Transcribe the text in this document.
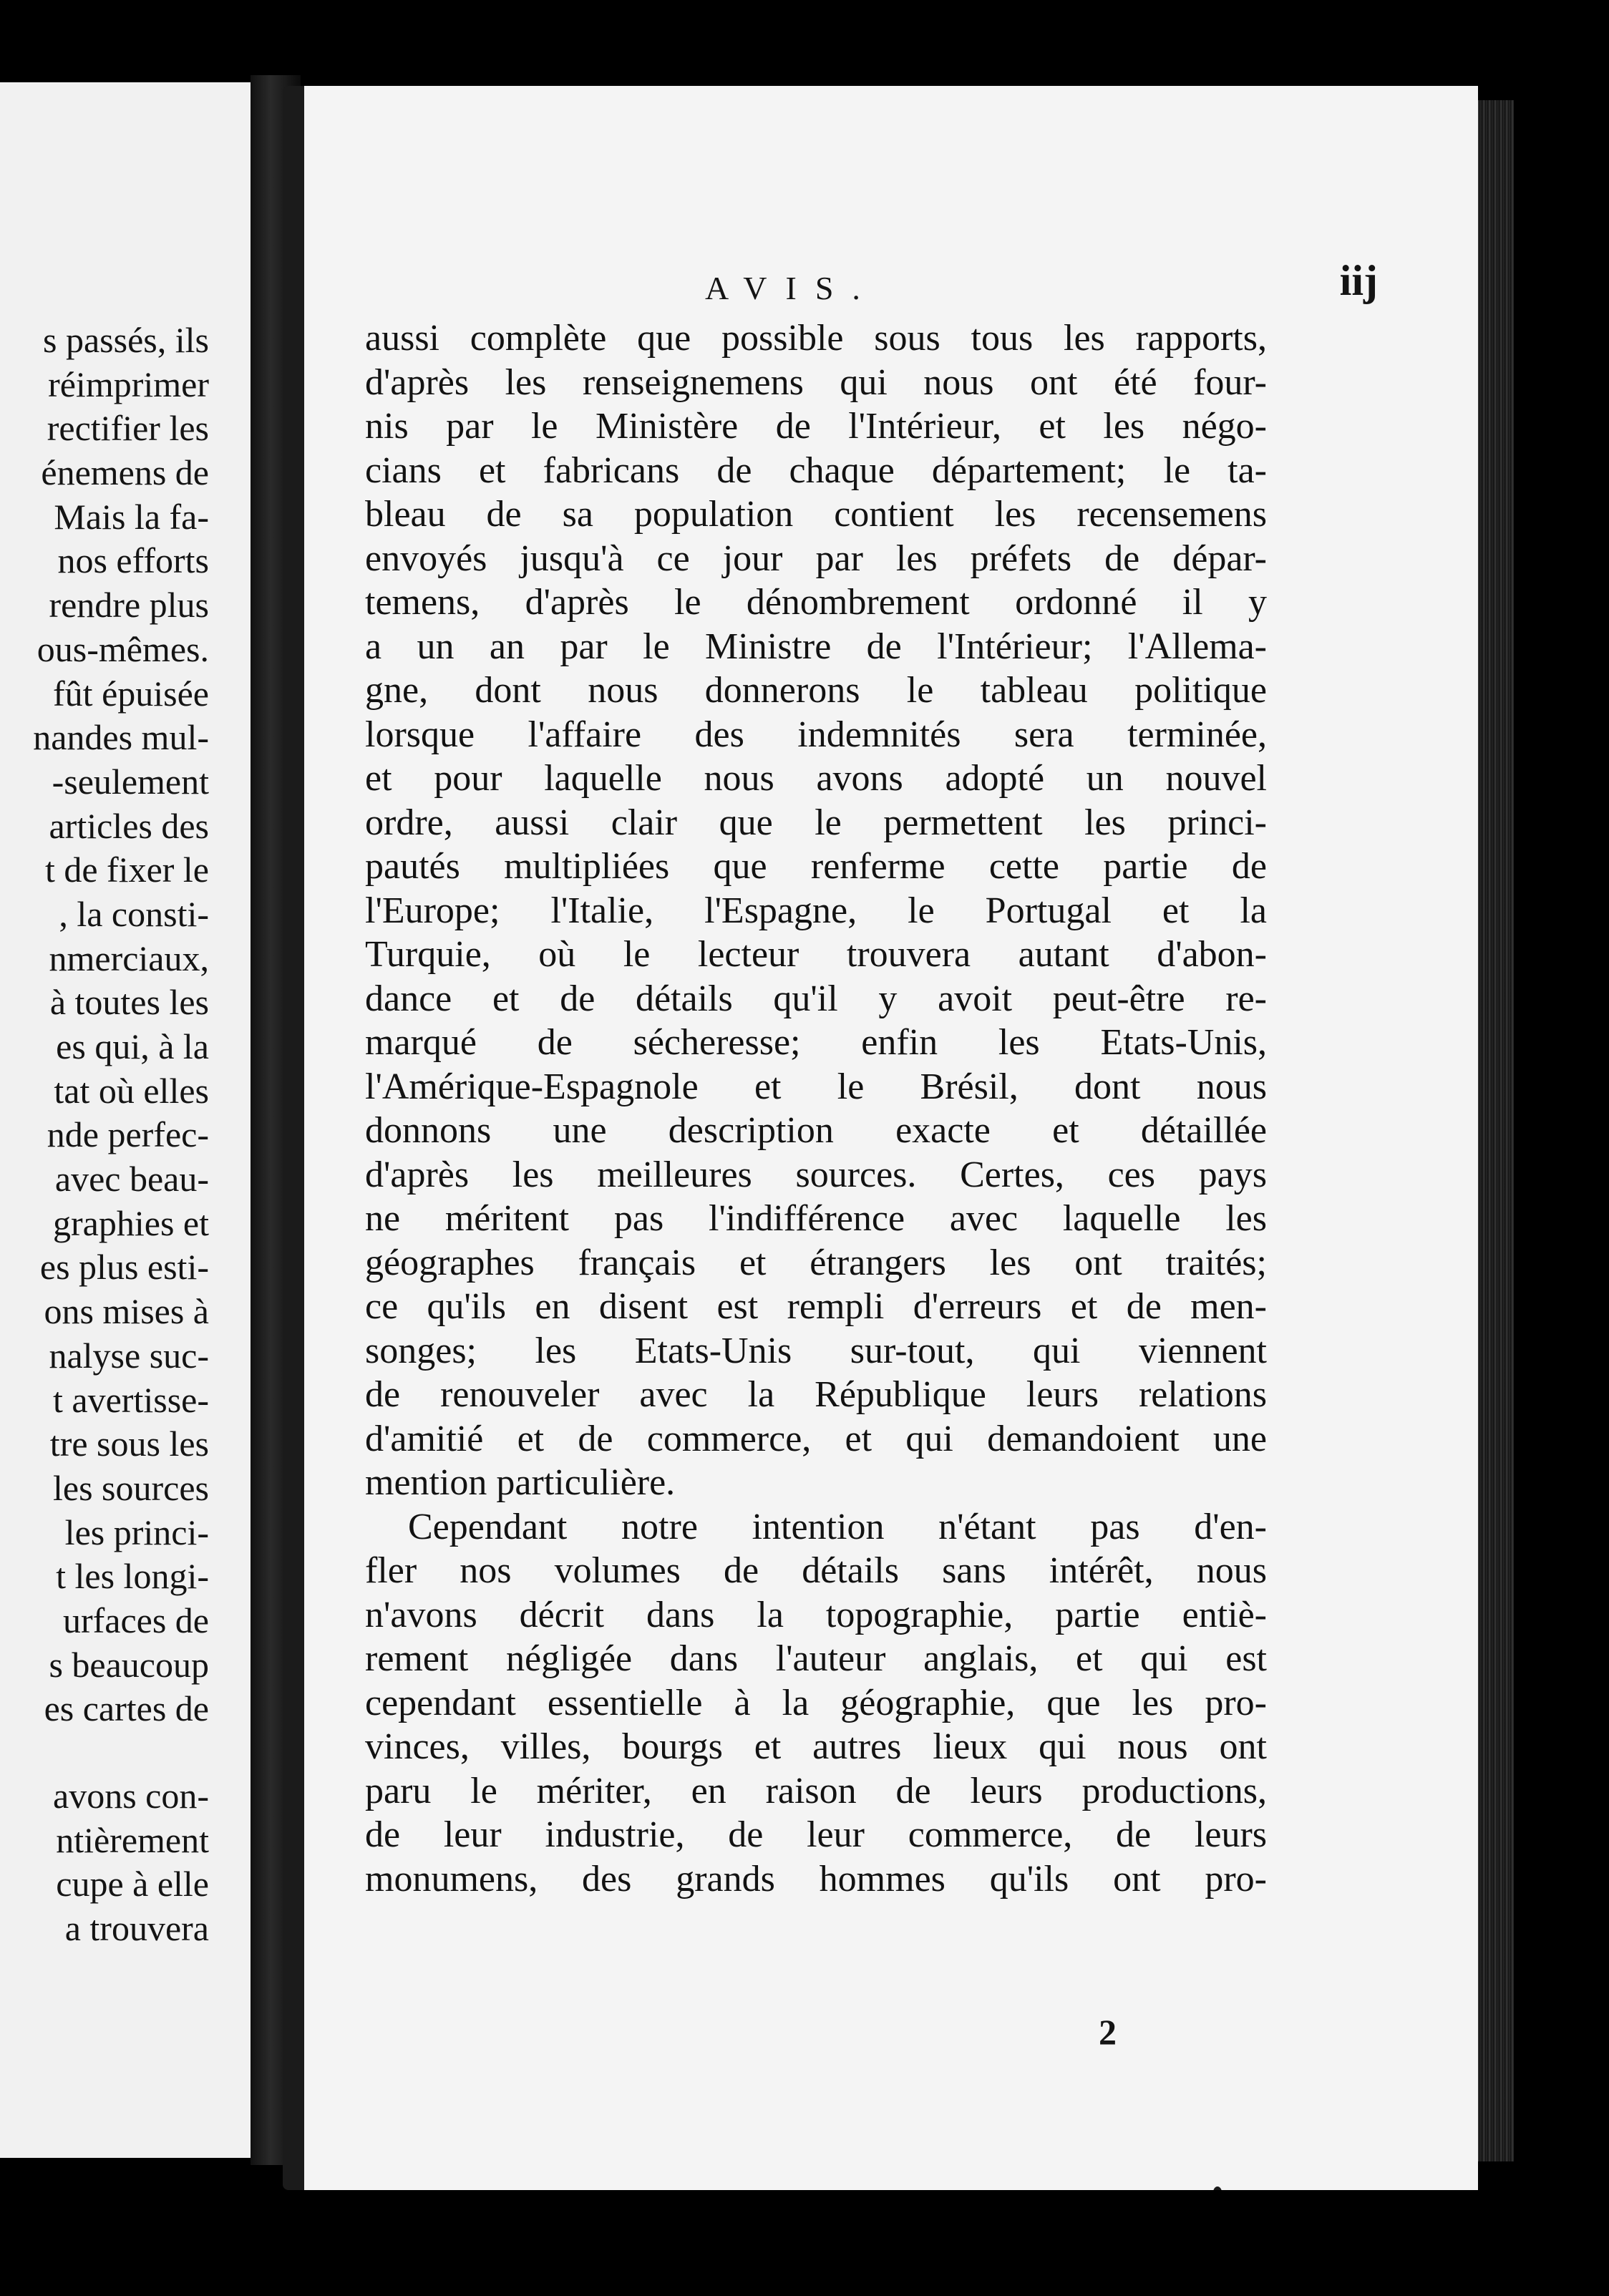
s passés, ils
réimprimer
rectifier les
énemens de
Mais la fa-
nos efforts
rendre plus
ous-mêmes.
fût épuisée
nandes mul-
-seulement
articles des
t de fixer le
, la consti-
nmerciaux,
à toutes les
es qui, à la
tat où elles
nde perfec-
avec beau-
graphies et
es plus esti-
ons mises à
nalyse suc-
t avertisse-
tre sous les
les sources
les princi-
t les longi-
urfaces de
s beaucoup
es cartes de
avons con-
ntièrement
cupe à elle
a trouvera
AVIS.	iij
aussi complète que possible sous tous les rapports,
d'après les renseignemens qui nous ont été four-
nis par le Ministère de l'Intérieur, et les négo-
cians et fabricans de chaque département; le ta-
bleau de sa population contient les recensemens
envoyés jusqu'à ce jour par les préfets de dépar-
temens, d'après le dénombrement ordonné il y
a un an par le Ministre de l'Intérieur; l'Allema-
gne, dont nous donnerons le tableau politique
lorsque l'affaire des indemnités sera terminée,
et pour laquelle nous avons adopté un nouvel
ordre, aussi clair que le permettent les princi-
pautés multipliées que renferme cette partie de
l'Europe; l'Italie, l'Espagne, le Portugal et la
Turquie, où le lecteur trouvera autant d'abon-
dance et de détails qu'il y avoit peut-être re-
marqué de sécheresse; enfin les Etats-Unis,
l'Amérique-Espagnole et le Brésil, dont nous
donnons une description exacte et détaillée
d'après les meilleures sources. Certes, ces pays
ne méritent pas l'indifférence avec laquelle les
géographes français et étrangers les ont traités;
ce qu'ils en disent est rempli d'erreurs et de men-
songes; les Etats-Unis sur-tout, qui viennent
de renouveler avec la République leurs relations
d'amitié et de commerce, et qui demandoient une
mention particulière.
Cependant notre intention n'étant pas d'en-
fler nos volumes de détails sans intérêt, nous
n'avons décrit dans la topographie, partie entiè-
rement négligée dans l'auteur anglais, et qui est
cependant essentielle à la géographie, que les pro-
vinces, villes, bourgs et autres lieux qui nous ont
paru le mériter, en raison de leurs productions,
de leur industrie, de leur commerce, de leurs
monumens, des grands hommes qu'ils ont pro-
2
